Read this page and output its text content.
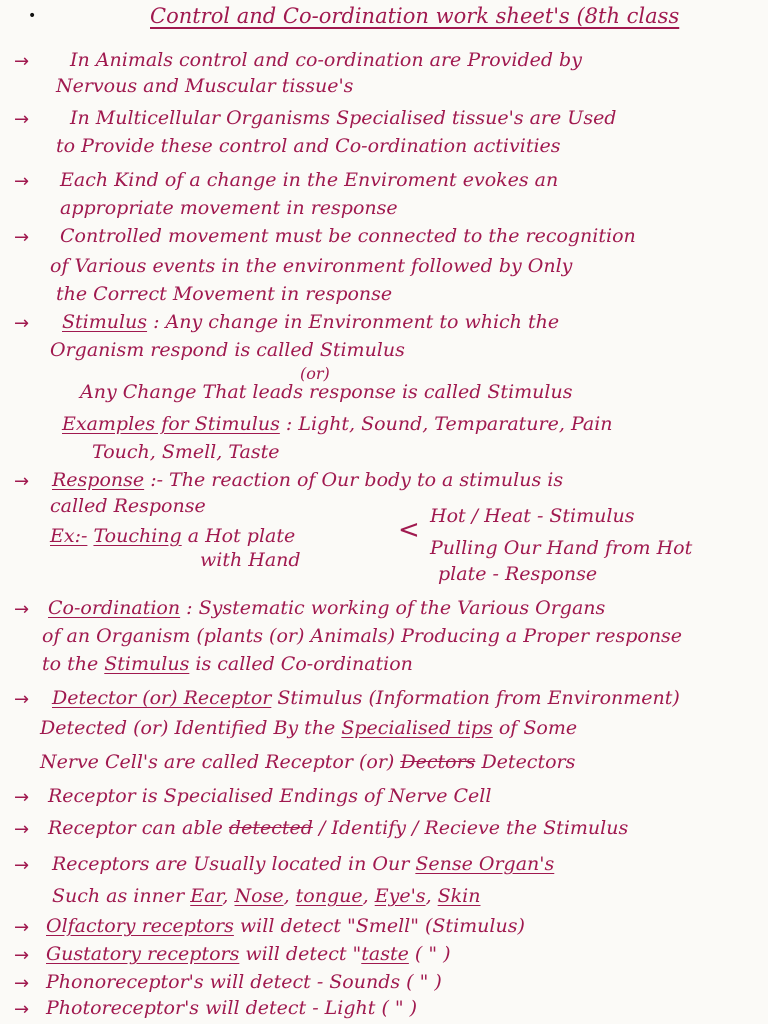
•	Control and Co-ordination work sheet's (8th class
→ In Animals control and co-ordination are Provided by
Nervous and Muscular tissue's
→ In Multicellular Organisms Specialised tissue's are Used
to Provide these control and Co-ordination activities
→ Each Kind of a change in the Enviroment evokes an
appropriate movement in response
→ Controlled movement must be connected to the recognition
of Various events in the environment followed by Only
the Correct Movement in response
→ Stimulus : Any change in Environment to which the
Organism respond is called Stimulus
(or)
Any Change That leads response is called Stimulus
Examples for Stimulus : Light, Sound, Temparature, Pain
Touch, Smell, Taste
→ Response :- The reaction of Our body to a stimulus is
called Response
Ex:- Touching a Hot plate
with Hand
< Hot / Heat - Stimulus
Pulling Our Hand from Hot
plate - Response
→ Co-ordination : Systematic working of the Various Organs
of an Organism (plants (or) Animals) Producing a Proper response
to the Stimulus is called Co-ordination
→ Detector (or) Receptor Stimulus (Information from Environment)
Detected (or) Identified By the Specialised tips of Some
Nerve Cell's are called Receptor (or) Dectors Detectors
→ Receptor is Specialised Endings of Nerve Cell
→ Receptor can able detected / Identify / Recieve the Stimulus
→ Receptors are Usually located in Our Sense Organ's
Such as inner Ear, Nose, tongue, Eye's, Skin
→ Olfactory receptors will detect "Smell" (Stimulus)
→ Gustatory receptors will detect "taste ( " )
→ Phonoreceptor's will detect - Sounds ( " )
→ Photoreceptor's will detect - Light ( " )
